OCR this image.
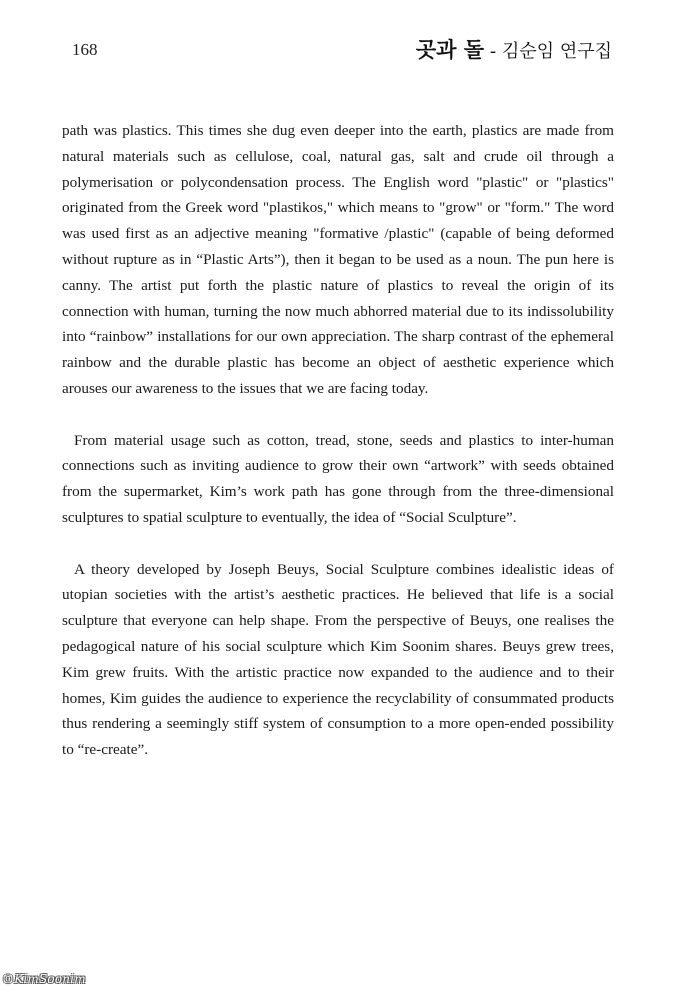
168	곳과 돌 - 김순임 연구집

path was plastics. This times she dug even deeper into the earth, plastics are made from natural materials such as cellulose, coal, natural gas, salt and crude oil through a polymerisation or polycondensation process. The English word "plastic" or "plastics" originated from the Greek word "plastikos," which means to "grow" or "form." The word was used first as an adjective meaning "formative /plastic" (capable of being deformed without rupture as in “Plastic Arts”), then it began to be used as a noun. The pun here is canny. The artist put forth the plastic nature of plastics to reveal the origin of its connection with human, turning the now much abhorred material due to its indissolubility into “rainbow” installations for our own appreciation. The sharp contrast of the ephemeral rainbow and the durable plastic has become an object of aesthetic experience which arouses our awareness to the issues that we are facing today.

From material usage such as cotton, tread, stone, seeds and plastics to inter-human connections such as inviting audience to grow their own “artwork” with seeds obtained from the supermarket, Kim’s work path has gone through from the three-dimensional sculptures to spatial sculpture to eventually, the idea of “Social Sculpture”.

A theory developed by Joseph Beuys, Social Sculpture combines idealistic ideas of utopian societies with the artist’s aesthetic practices. He believed that life is a social sculpture that everyone can help shape. From the perspective of Beuys, one realises the pedagogical nature of his social sculpture which Kim Soonim shares. Beuys grew trees, Kim grew fruits. With the artistic practice now expanded to the audience and to their homes, Kim guides the audience to experience the recyclability of consummated products thus rendering a seemingly stiff system of consumption to a more open-ended possibility to “re-create”.

©KimSoonim
